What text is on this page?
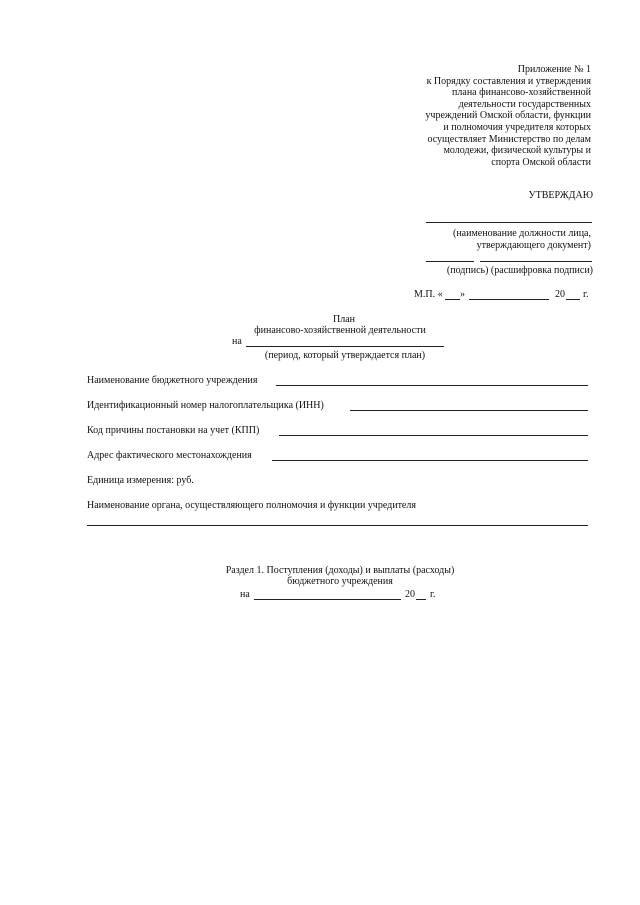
Приложение № 1
к Порядку составления и утверждения
плана финансово-хозяйственной
деятельности государственных
учреждений Омской области, функции
и полномочия учредителя которых
осуществляет Министерство по делам
молодежи, физической культуры и
спорта Омской области
УТВЕРЖДАЮ
(наименование должности лица,
утверждающего документ)
(подпись) (расшифровка подписи)
М.П. « »	20 г.
План
финансово-хозяйственной деятельности
на
(период, который утверждается план)
Наименование бюджетного учреждения
Идентификационный номер налогоплательщика (ИНН)
Код причины постановки на учет (КПП)
Адрес фактического местонахождения
Единица измерения: руб.
Наименование органа, осуществляющего полномочия и функции учредителя
Раздел 1. Поступления (доходы) и выплаты (расходы)
бюджетного учреждения
на	20 г.
